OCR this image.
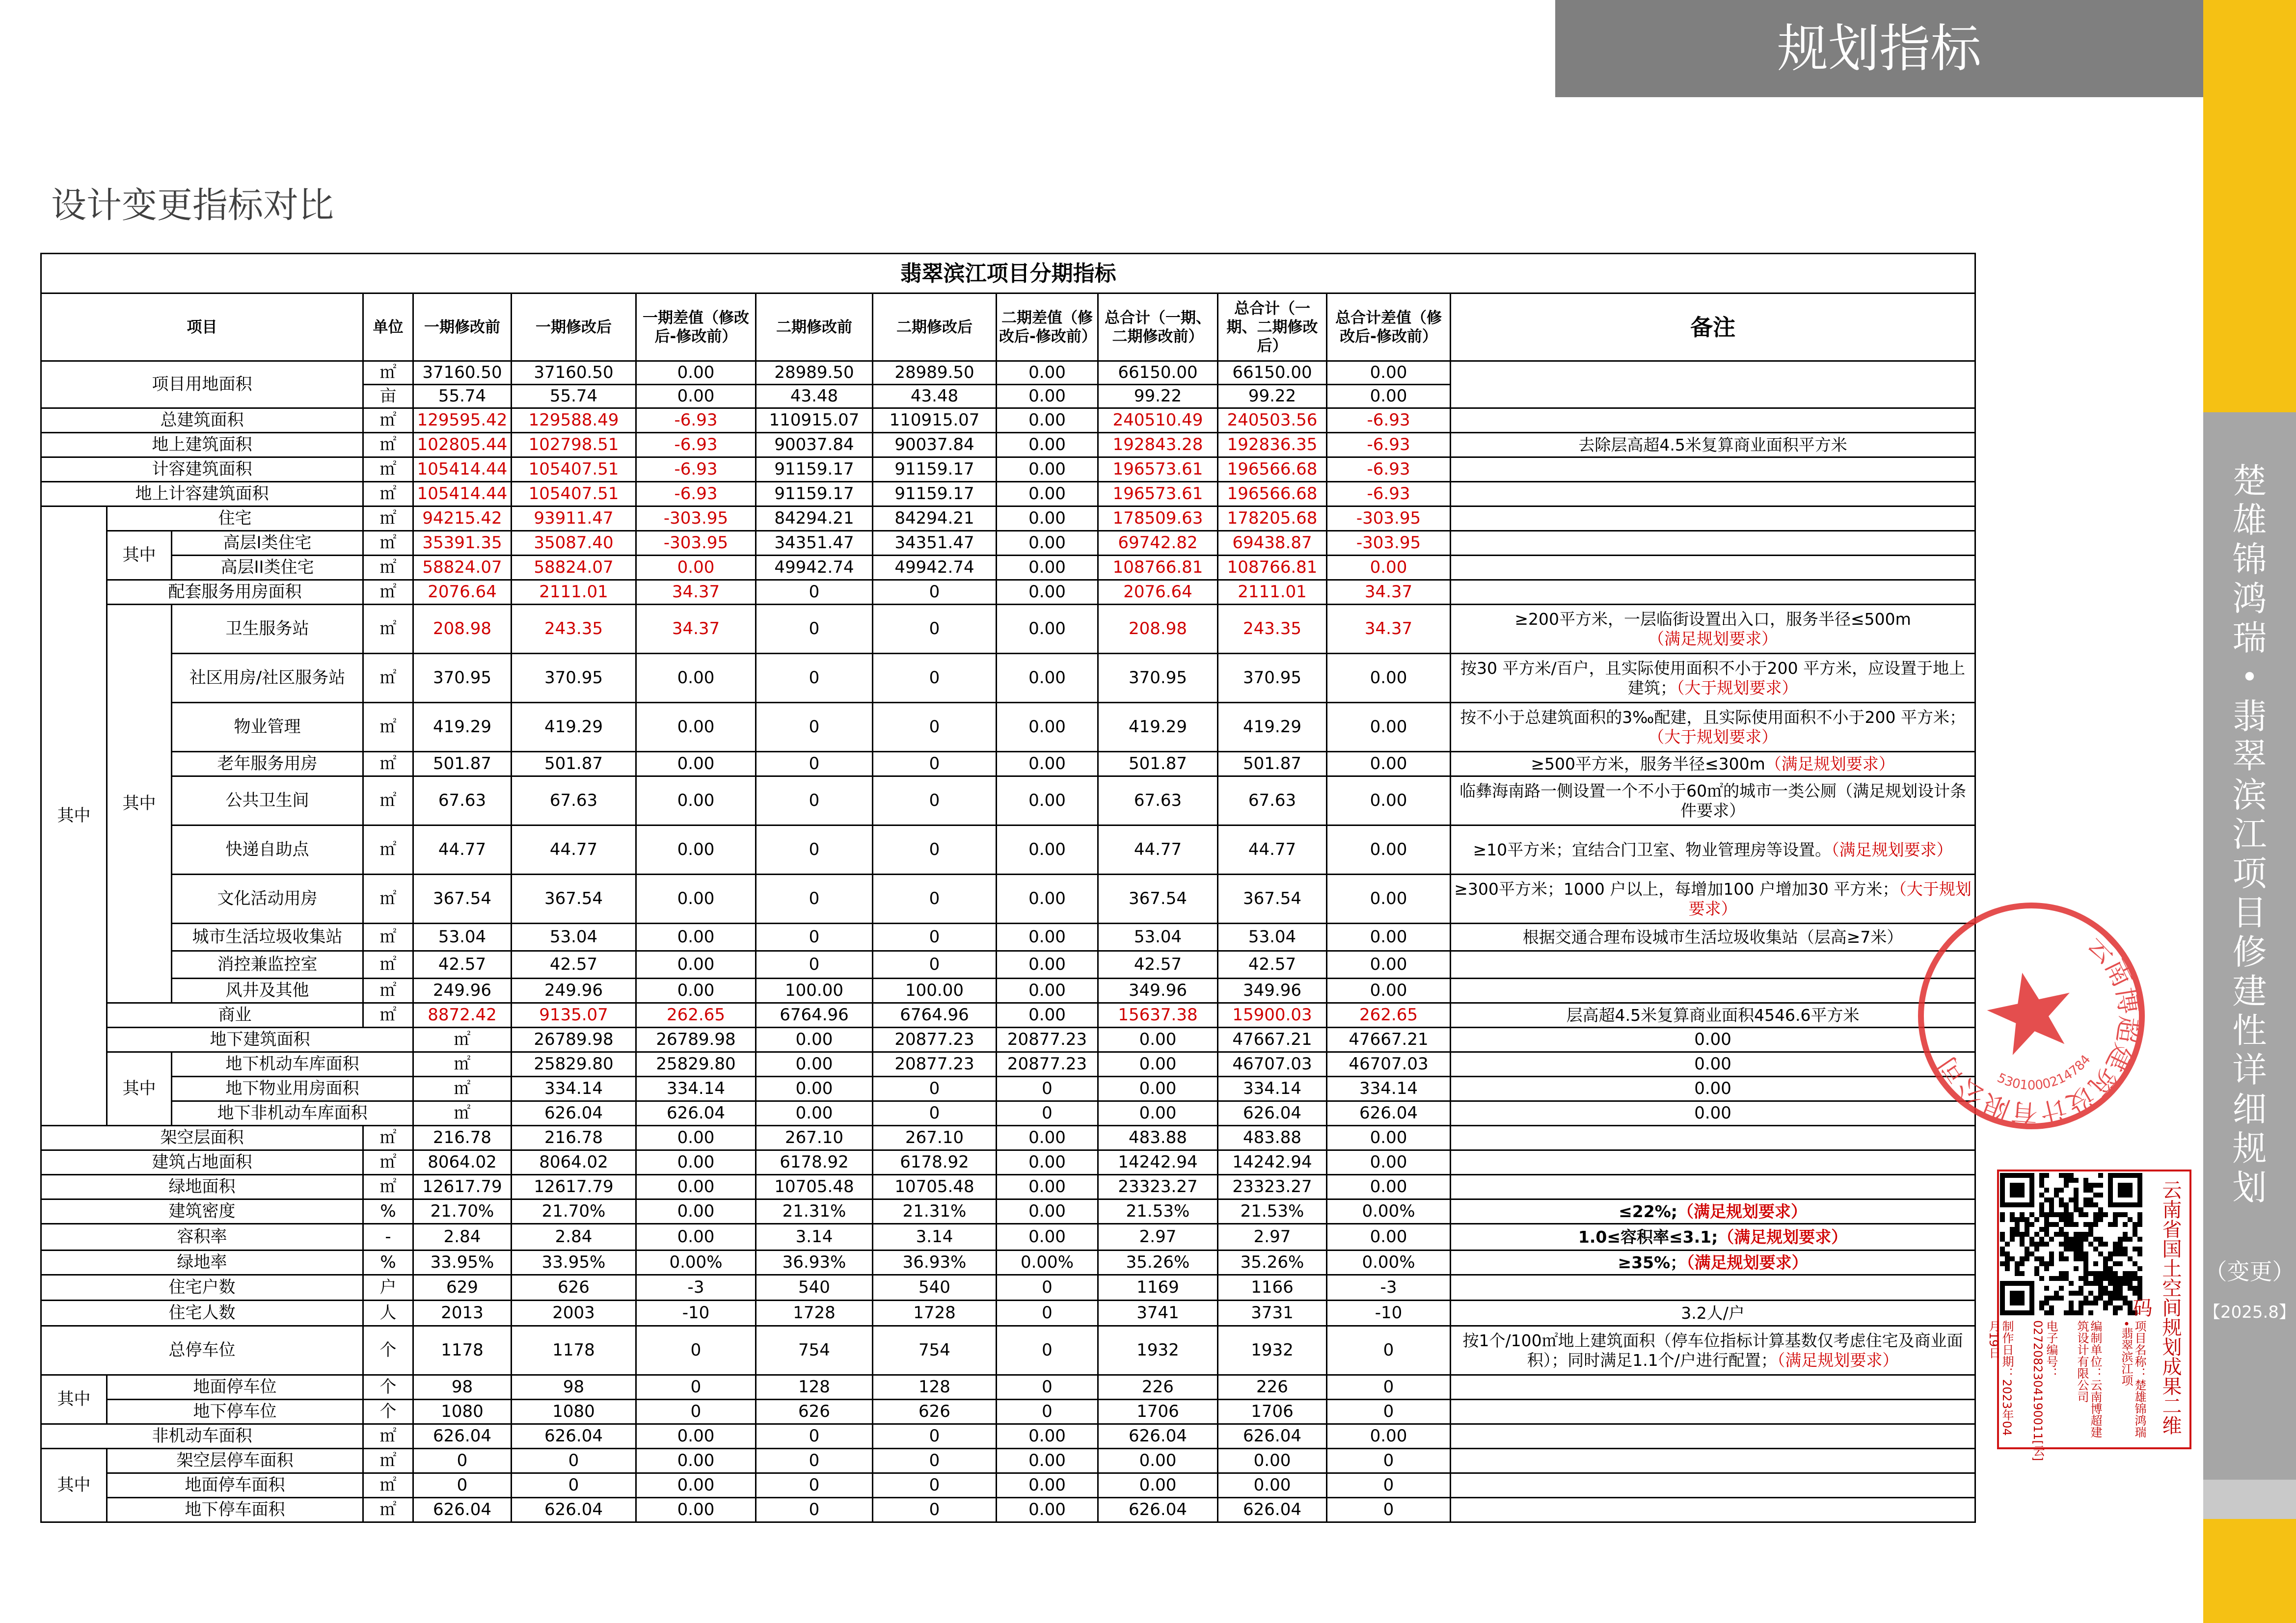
规划指标
楚
雄
锦
鸿
瑞
•
翡
翠
滨
江
项
目
修
建
性
详
细
规
划
（变更）
【2025.8】
设计变更指标对比
翡翠滨江项目分期指标														
项目			单位	一期修改前	一期修改后	一期差值（修改后-修改前）	二期修改前	二期修改后	二期差值（修改后-修改前）	总合计（一期、二期修改前）	总合计（一期、二期修改后）	总合计差值（修改后-修改前）	备注	
项目用地面积			㎡	37160.50	37160.50	0.00	28989.50	28989.50	0.00	66150.00	66150.00	0.00		
			亩	55.74	55.74	0.00	43.48	43.48	0.00	99.22	99.22	0.00		
总建筑面积			㎡	129595.42	129588.49	-6.93	110915.07	110915.07	0.00	240510.49	240503.56	-6.93		
地上建筑面积			㎡	102805.44	102798.51	-6.93	90037.84	90037.84	0.00	192843.28	192836.35	-6.93	去除层高超4.5米复算商业面积平方米	
计容建筑面积			㎡	105414.44	105407.51	-6.93	91159.17	91159.17	0.00	196573.61	196566.68	-6.93		
地上计容建筑面积			㎡	105414.44	105407.51	-6.93	91159.17	91159.17	0.00	196573.61	196566.68	-6.93		
其中	住宅		㎡	94215.42	93911.47	-303.95	84294.21	84294.21	0.00	178509.63	178205.68	-303.95		
	其中	高层I类住宅	㎡	35391.35	35087.40	-303.95	34351.47	34351.47	0.00	69742.82	69438.87	-303.95		
		高层II类住宅	㎡	58824.07	58824.07	0.00	49942.74	49942.74	0.00	108766.81	108766.81	0.00		
	配套服务用房面积		㎡	2076.64	2111.01	34.37	0	0	0.00	2076.64	2111.01	34.37		
	其中	卫生服务站	㎡	208.98	243.35	34.37	0	0	0.00	208.98	243.35	34.37	≥200平方米，一层临街设置出入口，服务半径≤500m（满足规划要求）	
		社区用房/社区服务站	㎡	370.95	370.95	0.00	0	0	0.00	370.95	370.95	0.00	按30 平方米/百户，且实际使用面积不小于200 平方米，应设置于地上建筑；（大于规划要求）	
		物业管理	㎡	419.29	419.29	0.00	0	0	0.00	419.29	419.29	0.00	按不小于总建筑面积的3‰配建，且实际使用面积不小于200 平方米；（大于规划要求）	
		老年服务用房	㎡	501.87	501.87	0.00	0	0	0.00	501.87	501.87	0.00	≥500平方米，服务半径≤300m（满足规划要求）	
		公共卫生间	㎡	67.63	67.63	0.00	0	0	0.00	67.63	67.63	0.00	临彝海南路一侧设置一个不小于60㎡的城市一类公厕（满足规划设计条件要求）	
		快递自助点	㎡	44.77	44.77	0.00	0	0	0.00	44.77	44.77	0.00	≥10平方米；宜结合门卫室、物业管理房等设置。（满足规划要求）	
		文化活动用房	㎡	367.54	367.54	0.00	0	0	0.00	367.54	367.54	0.00	≥300平方米；1000 户以上，每增加100 户增加30 平方米；（大于规划要求）	
		城市生活垃圾收集站	㎡	53.04	53.04	0.00	0	0	0.00	53.04	53.04	0.00	根据交通合理布设城市生活垃圾收集站（层高≥7米）	
		消控兼监控室	㎡	42.57	42.57	0.00	0	0	0.00	42.57	42.57	0.00		
		风井及其他	㎡	249.96	249.96	0.00	100.00	100.00	0.00	349.96	349.96	0.00		
	商业		㎡	8872.42	9135.07	262.65	6764.96	6764.96	0.00	15637.38	15900.03	262.65	层高超4.5米复算商业面积4546.6平方米	
	地下建筑面积			㎡	26789.98	26789.98	0.00	20877.23	20877.23	0.00	47667.21	47667.21	0.00	
	其中	地下机动车库面积		㎡	25829.80	25829.80	0.00	20877.23	20877.23	0.00	46707.03	46707.03	0.00	
		地下物业用房面积		㎡	334.14	334.14	0.00	0	0	0.00	334.14	334.14	0.00	
		地下非机动车库面积		㎡	626.04	626.04	0.00	0	0	0.00	626.04	626.04	0.00	
架空层面积			㎡	216.78	216.78	0.00	267.10	267.10	0.00	483.88	483.88	0.00		
建筑占地面积			㎡	8064.02	8064.02	0.00	6178.92	6178.92	0.00	14242.94	14242.94	0.00		
绿地面积			㎡	12617.79	12617.79	0.00	10705.48	10705.48	0.00	23323.27	23323.27	0.00		
建筑密度			%	21.70%	21.70%	0.00	21.31%	21.31%	0.00	21.53%	21.53%	0.00%	≤22%;（满足规划要求）	
容积率			-	2.84	2.84	0.00	3.14	3.14	0.00	2.97	2.97	0.00	1.0≤容积率≤3.1;（满足规划要求）	
绿地率			%	33.95%	33.95%	0.00%	36.93%	36.93%	0.00%	35.26%	35.26%	0.00%	≥35%；（满足规划要求）	
住宅户数			户	629	626	-3	540	540	0	1169	1166	-3		
住宅人数			人	2013	2003	-10	1728	1728	0	3741	3731	-10	3.2人/户	
总停车位			个	1178	1178	0	754	754	0	1932	1932	0	按1个/100㎡地上建筑面积（停车位指标计算基数仅考虑住宅及商业面积）；同时满足1.1个/户进行配置；（满足规划要求）	
其中	地面停车位		个	98	98	0	128	128	0	226	226	0		
	地下停车位		个	1080	1080	0	626	626	0	1706	1706	0		
非机动车面积			㎡	626.04	626.04	0.00	0	0	0.00	626.04	626.04	0.00		
其中	架空层停车面积		㎡	0	0	0.00	0	0	0.00	0.00	0.00	0		
	地面停车面积		㎡	0	0	0.00	0	0	0.00	0.00	0.00	0		
	地下停车面积		㎡	626.04	626.04	0.00	0	0	0.00	626.04	626.04	0		
云南博超建筑设计有限公司	5301000214784
制作日期：2023年04月19日	电子编号：0272082304190011[云]	编制单位：云南博超建筑设计有限公司	项目名称：楚雄锦鸿瑞•翡翠滨江项	云南省国土空间规划成果二维码
